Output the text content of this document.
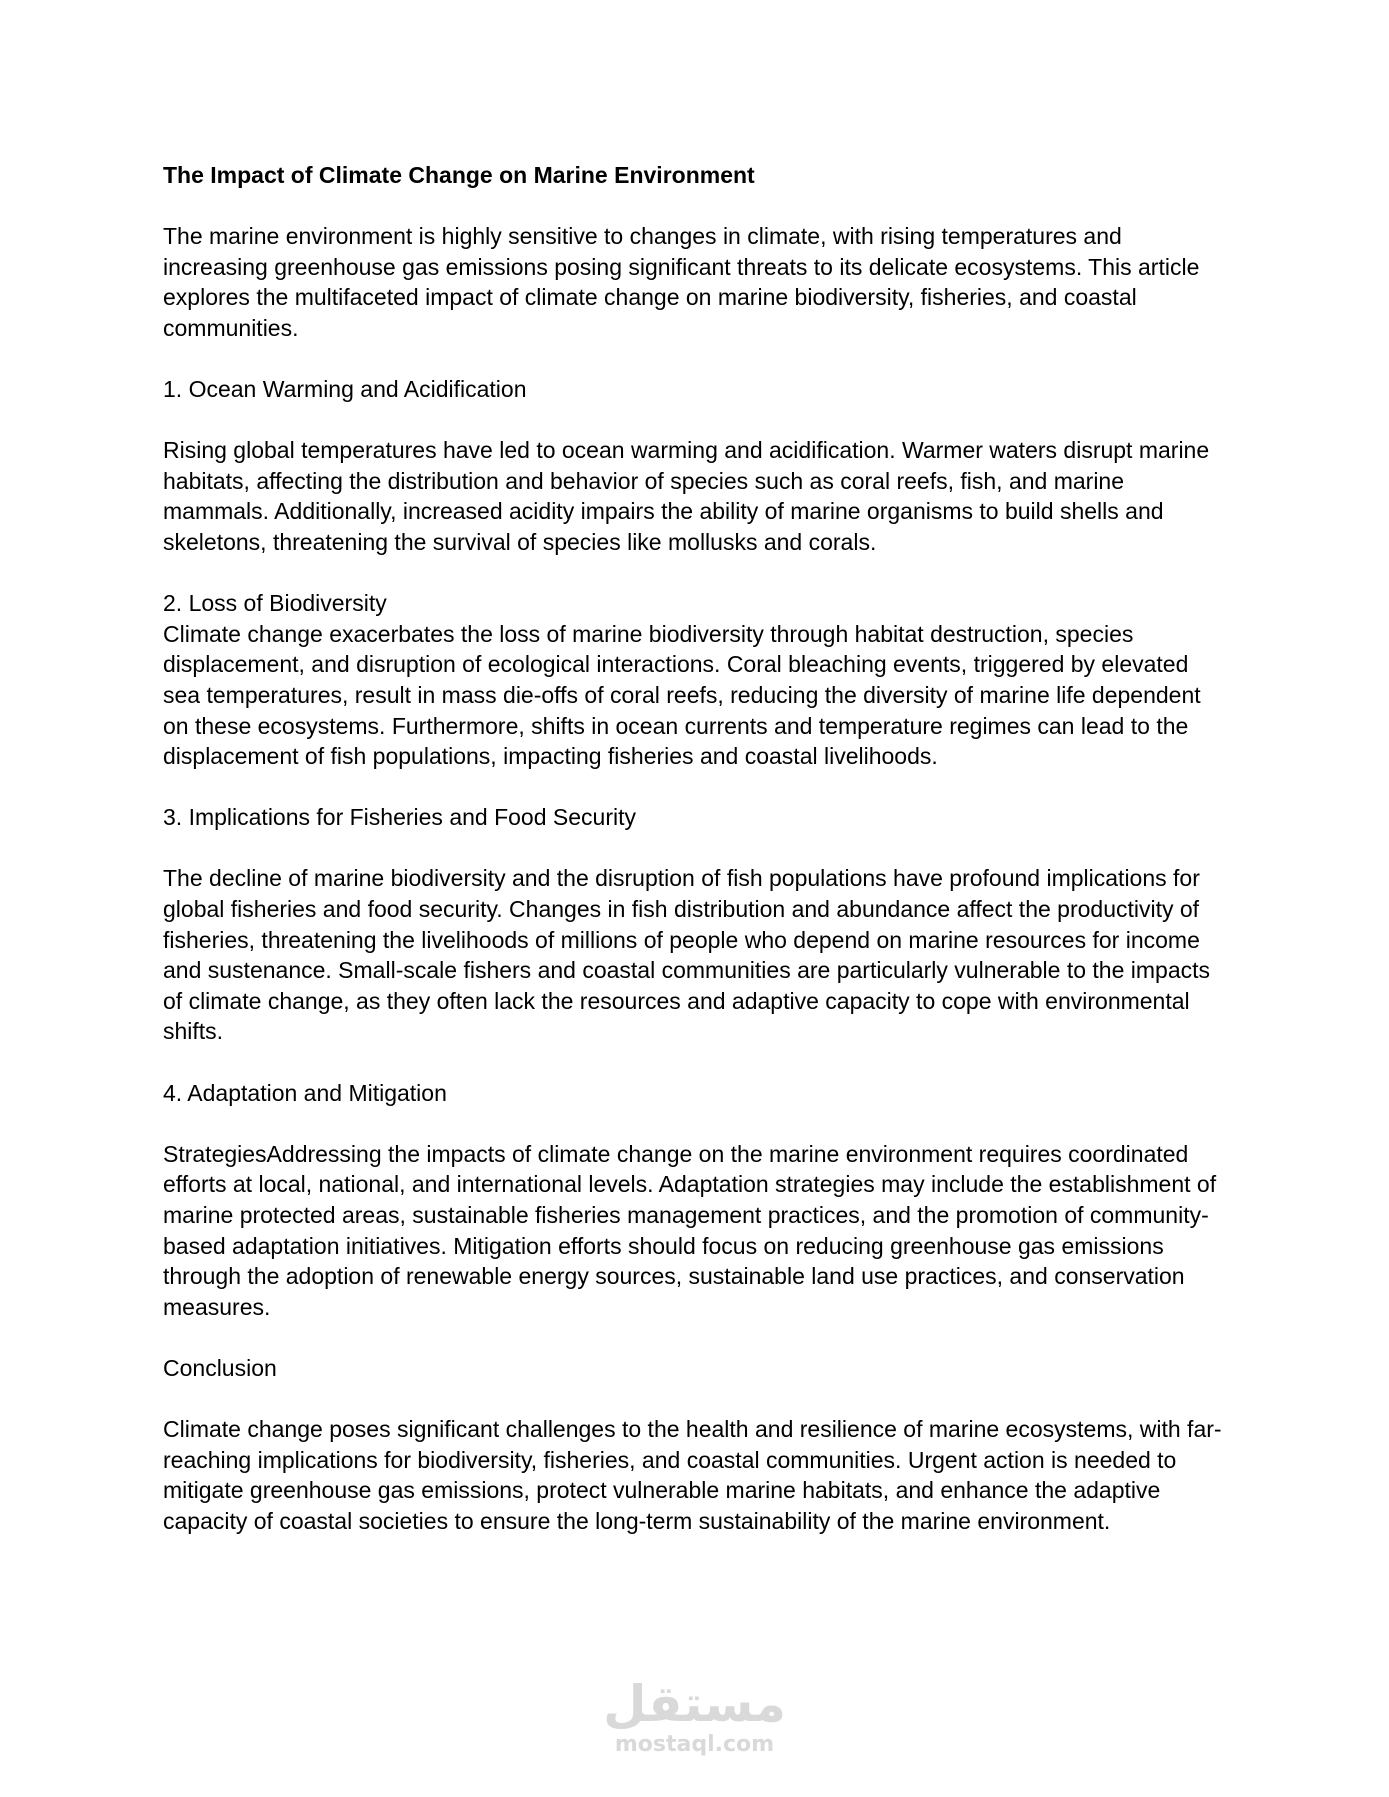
The Impact of Climate Change on Marine Environment

The marine environment is highly sensitive to changes in climate, with rising temperatures and increasing greenhouse gas emissions posing significant threats to its delicate ecosystems. This article explores the multifaceted impact of climate change on marine biodiversity, fisheries, and coastal communities.

1. Ocean Warming and Acidification

Rising global temperatures have led to ocean warming and acidification. Warmer waters disrupt marine habitats, affecting the distribution and behavior of species such as coral reefs, fish, and marine mammals. Additionally, increased acidity impairs the ability of marine organisms to build shells and skeletons, threatening the survival of species like mollusks and corals.

2. Loss of Biodiversity

Climate change exacerbates the loss of marine biodiversity through habitat destruction, species displacement, and disruption of ecological interactions. Coral bleaching events, triggered by elevated sea temperatures, result in mass die-offs of coral reefs, reducing the diversity of marine life dependent on these ecosystems. Furthermore, shifts in ocean currents and temperature regimes can lead to the displacement of fish populations, impacting fisheries and coastal livelihoods.

3. Implications for Fisheries and Food Security

The decline of marine biodiversity and the disruption of fish populations have profound implications for global fisheries and food security. Changes in fish distribution and abundance affect the productivity of fisheries, threatening the livelihoods of millions of people who depend on marine resources for income and sustenance. Small-scale fishers and coastal communities are particularly vulnerable to the impacts of climate change, as they often lack the resources and adaptive capacity to cope with environmental shifts.

4. Adaptation and Mitigation

StrategiesAddressing the impacts of climate change on the marine environment requires coordinated efforts at local, national, and international levels. Adaptation strategies may include the establishment of marine protected areas, sustainable fisheries management practices, and the promotion of community-based adaptation initiatives. Mitigation efforts should focus on reducing greenhouse gas emissions through the adoption of renewable energy sources, sustainable land use practices, and conservation measures.

Conclusion

Climate change poses significant challenges to the health and resilience of marine ecosystems, with far-reaching implications for biodiversity, fisheries, and coastal communities. Urgent action is needed to mitigate greenhouse gas emissions, protect vulnerable marine habitats, and enhance the adaptive capacity of coastal societies to ensure the long-term sustainability of the marine environment.

مستقل
mostaql.com
